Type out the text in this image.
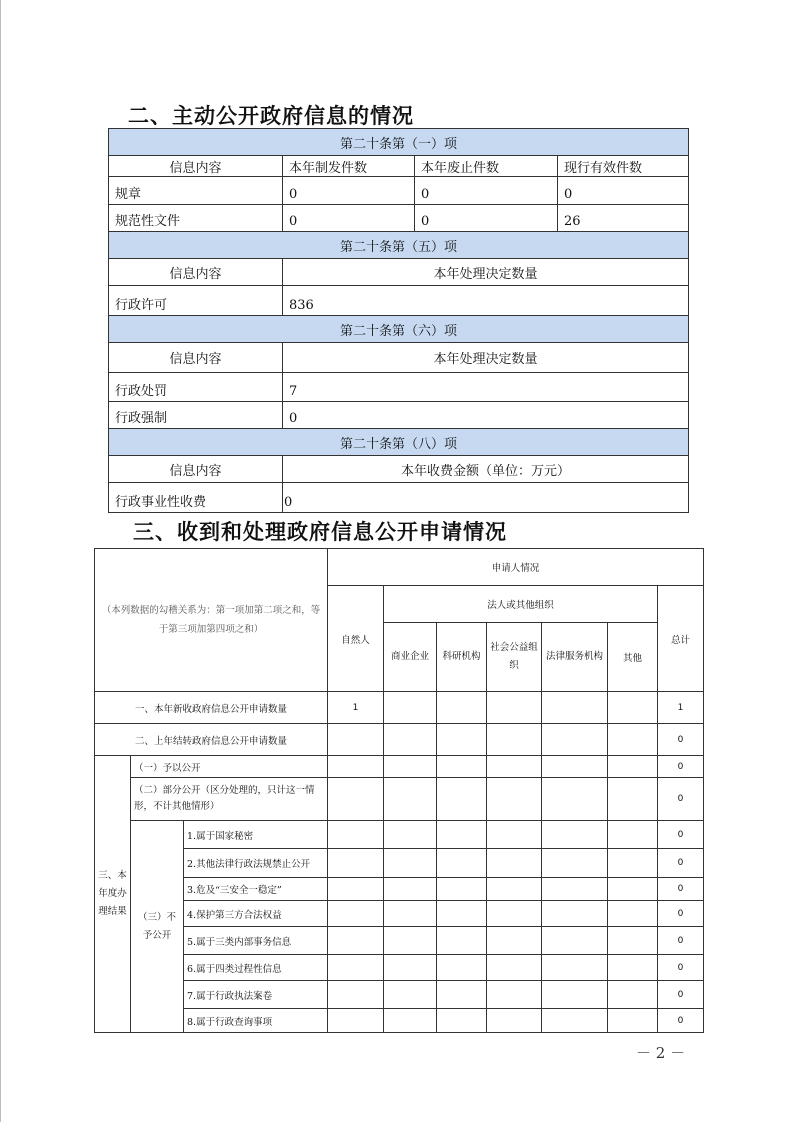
二、主动公开政府信息的情况
第二十条第（一）项			
信息内容	本年制发件数	本年废止件数	现行有效件数
规章	0	0	0
规范性文件	0	0	26
第二十条第（五）项			
信息内容	本年处理决定数量		
行政许可	836		
第二十条第（六）项			
信息内容	本年处理决定数量		
行政处罚	7		
行政强制	0		
第二十条第（八）项			
信息内容	本年收费金额（单位：万元）		
行政事业性收费	0		
三、收到和处理政府信息公开申请情况
（本列数据的勾稽关系为：第一项加第二项之和，等于第三项加第四项之和）			申请人情况						
			自然人	法人或其他组织					总计
				商业企业	科研机构	社会公益组织	法律服务机构	其他	
一、本年新收政府信息公开申请数量			1						1
二、上年结转政府信息公开申请数量									0
三、本年度办理结果	（一）予以公开								0
	（二）部分公开（区分处理的，只计这一情形，不计其他情形）								0
	（三）不予公开	1.属于国家秘密							0
		2.其他法律行政法规禁止公开							0
		3.危及“三安全一稳定”							0
		4.保护第三方合法权益							0
		5.属于三类内部事务信息							0
		6.属于四类过程性信息							0
		7.属于行政执法案卷							0
		8.属于行政查询事项							0
－ 2 －
